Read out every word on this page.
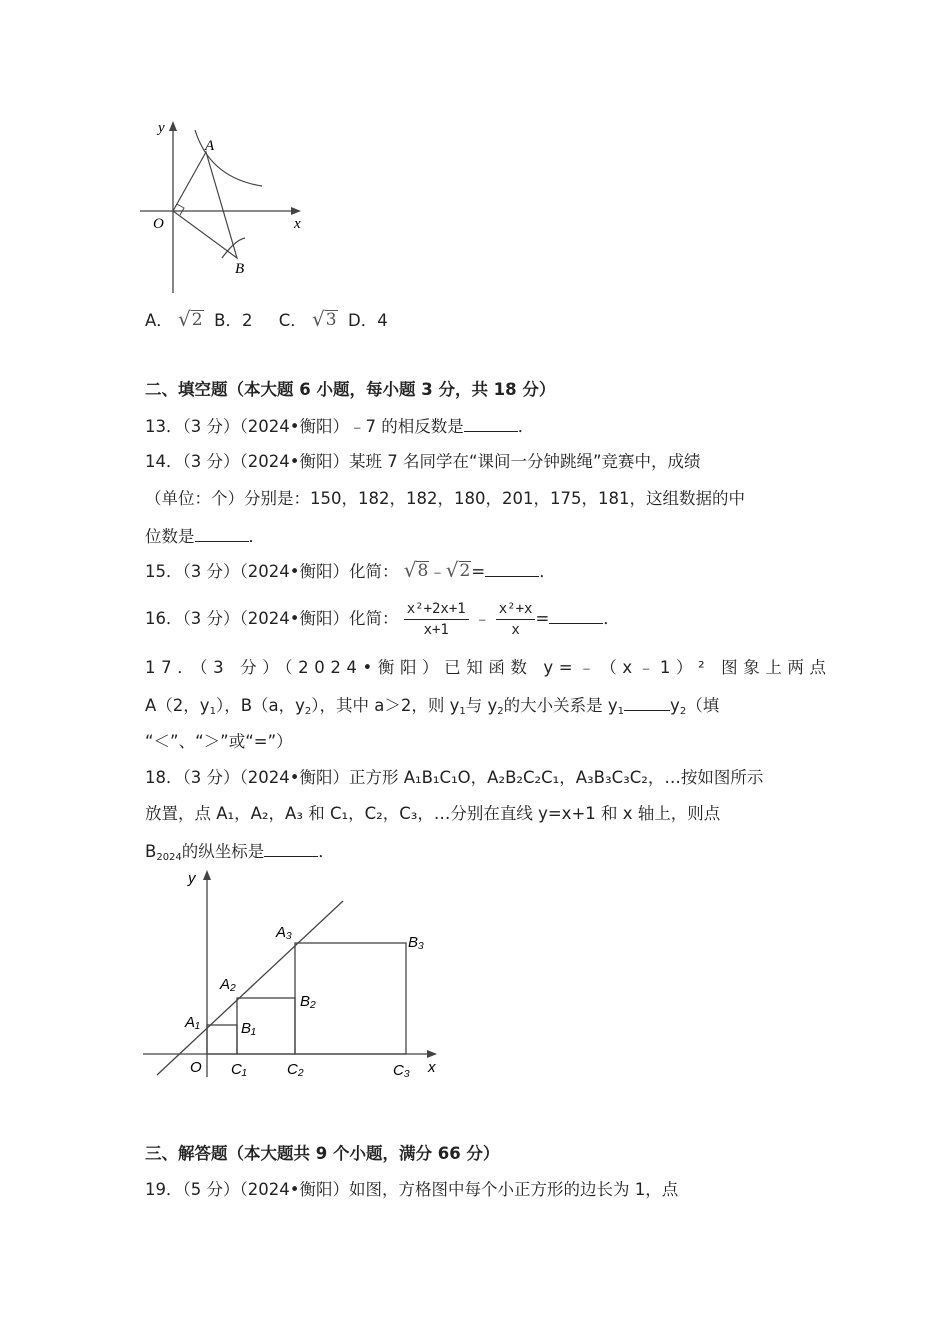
y
x
O
A
B
A． √ 2 B．2 C． √ 3 D．4
二、填空题（本大题 6 小题，每小题 3 分，共 18 分）
13．（3 分）（2024•衡阳）﹣7 的相反数是	．
14．（3 分）（2024•衡阳）某班 7 名同学在“课间一分钟跳绳”竞赛中，成绩
（单位：个）分别是：150，182，182，180，201，175，181，这组数据的中
位数是	．
15．（3 分）（2024•衡阳）化简： √ 8 ﹣ √ 2 =	．
16．（3 分）（2024•衡阳）化简： $\frac{\text{x²+2x+1}}{x+1}$ ﹣ $\frac{\text{x²+x}}{x}$ =	．
17．（3 分）（2024•衡阳）已知函数 y=﹣（x﹣1）² 图象上两点
A（2，$y_1$），B（a，$y_2$），其中 a＞2，则 $y_1$与 $y_2$的大小关系是 $y_1$	$y_2$（填
“＜”、“＞”或“=”）
18．（3 分）（2024•衡阳）正方形 A₁B₁C₁O，A₂B₂C₂C₁，A₃B₃C₃C₂，…按如图所示
放置，点 A₁，A₂，A₃ 和 C₁，C₂，C₃，…分别在直线 y=x+1 和 x 轴上，则点
$B_{2024}$的纵坐标是	．
y
x
O
A₁
A₂
A₃
B₁
B₂
B₃
C₁	C₂	C₃
三、解答题（本大题共 9 个小题，满分 66 分）
19．（5 分）（2024•衡阳）如图，方格图中每个小正方形的边长为 1，点
